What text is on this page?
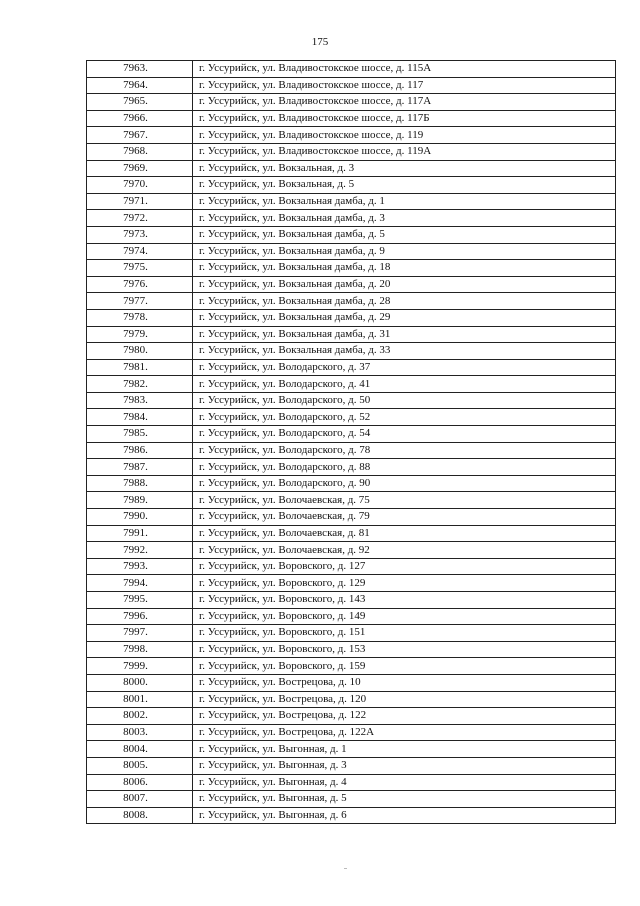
175
7963.	г. Уссурийск, ул. Владивостокское шоссе, д. 115А
7964.	г. Уссурийск, ул. Владивостокское шоссе, д. 117
7965.	г. Уссурийск, ул. Владивостокское шоссе, д. 117А
7966.	г. Уссурийск, ул. Владивостокское шоссе, д. 117Б
7967.	г. Уссурийск, ул. Владивостокское шоссе, д. 119
7968.	г. Уссурийск, ул. Владивостокское шоссе, д. 119А
7969.	г. Уссурийск, ул. Вокзальная, д. 3
7970.	г. Уссурийск, ул. Вокзальная, д. 5
7971.	г. Уссурийск, ул. Вокзальная дамба, д. 1
7972.	г. Уссурийск, ул. Вокзальная дамба, д. 3
7973.	г. Уссурийск, ул. Вокзальная дамба, д. 5
7974.	г. Уссурийск, ул. Вокзальная дамба, д. 9
7975.	г. Уссурийск, ул. Вокзальная дамба, д. 18
7976.	г. Уссурийск, ул. Вокзальная дамба, д. 20
7977.	г. Уссурийск, ул. Вокзальная дамба, д. 28
7978.	г. Уссурийск, ул. Вокзальная дамба, д. 29
7979.	г. Уссурийск, ул. Вокзальная дамба, д. 31
7980.	г. Уссурийск, ул. Вокзальная дамба, д. 33
7981.	г. Уссурийск, ул. Володарского, д. 37
7982.	г. Уссурийск, ул. Володарского, д. 41
7983.	г. Уссурийск, ул. Володарского, д. 50
7984.	г. Уссурийск, ул. Володарского, д. 52
7985.	г. Уссурийск, ул. Володарского, д. 54
7986.	г. Уссурийск, ул. Володарского, д. 78
7987.	г. Уссурийск, ул. Володарского, д. 88
7988.	г. Уссурийск, ул. Володарского, д. 90
7989.	г. Уссурийск, ул. Волочаевская, д. 75
7990.	г. Уссурийск, ул. Волочаевская, д. 79
7991.	г. Уссурийск, ул. Волочаевская, д. 81
7992.	г. Уссурийск, ул. Волочаевская, д. 92
7993.	г. Уссурийск, ул. Воровского, д. 127
7994.	г. Уссурийск, ул. Воровского, д. 129
7995.	г. Уссурийск, ул. Воровского, д. 143
7996.	г. Уссурийск, ул. Воровского, д. 149
7997.	г. Уссурийск, ул. Воровского, д. 151
7998.	г. Уссурийск, ул. Воровского, д. 153
7999.	г. Уссурийск, ул. Воровского, д. 159
8000.	г. Уссурийск, ул. Вострецова, д. 10
8001.	г. Уссурийск, ул. Вострецова, д. 120
8002.	г. Уссурийск, ул. Вострецова, д. 122
8003.	г. Уссурийск, ул. Вострецова, д. 122А
8004.	г. Уссурийск, ул. Выгонная, д. 1
8005.	г. Уссурийск, ул. Выгонная, д. 3
8006.	г. Уссурийск, ул. Выгонная, д. 4
8007.	г. Уссурийск, ул. Выгонная, д. 5
8008.	г. Уссурийск, ул. Выгонная, д. 6
